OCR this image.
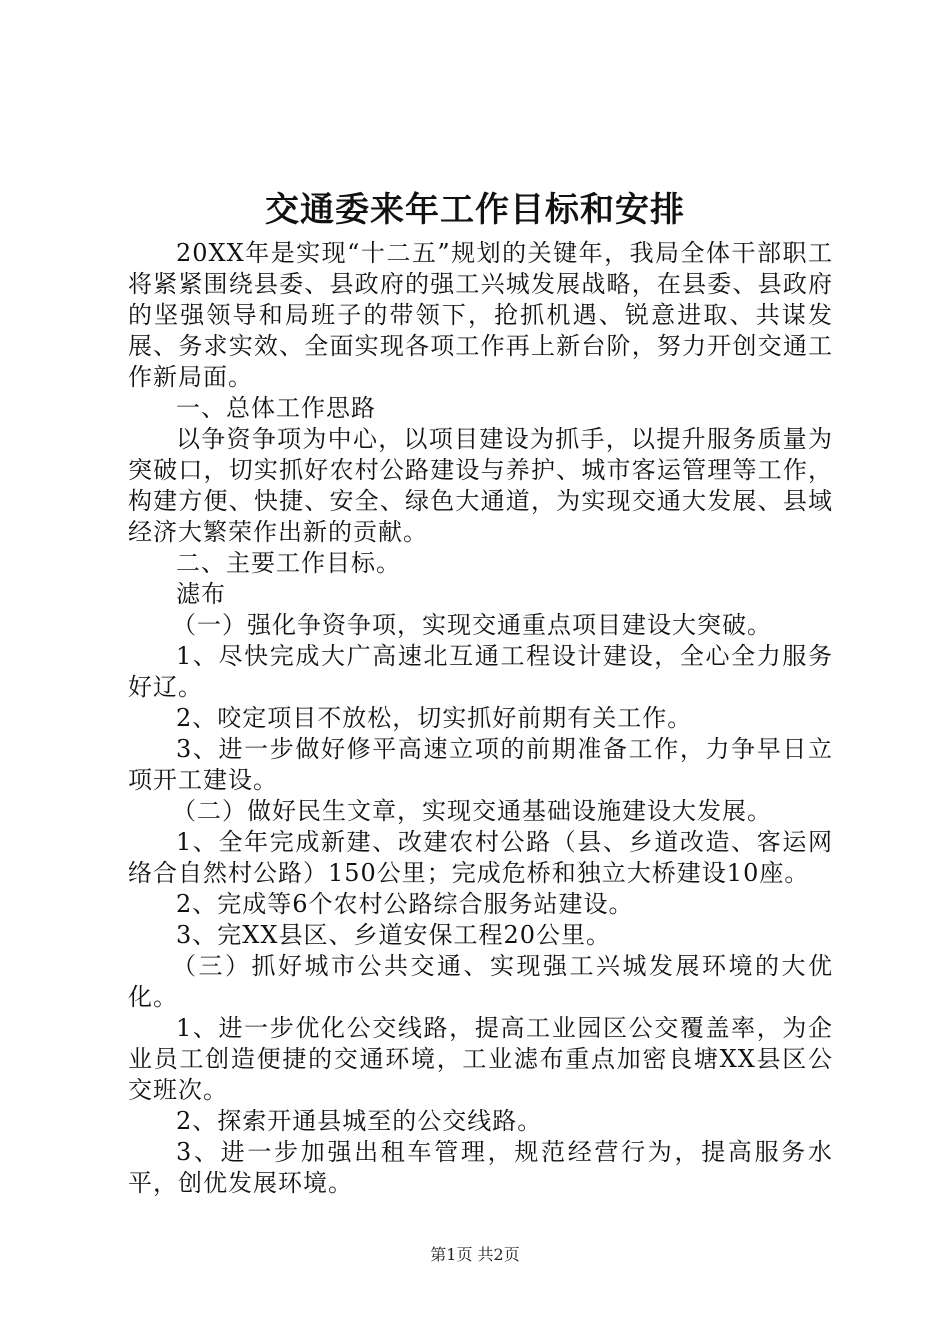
交通委来年工作目标和安排

20XX年是实现“十二五”规划的关键年，我局全体干部职工将紧紧围绕县委、县政府的强工兴城发展战略，在县委、县政府的坚强领导和局班子的带领下，抢抓机遇、锐意进取、共谋发展、务求实效、全面实现各项工作再上新台阶，努力开创交通工作新局面。

一、总体工作思路

以争资争项为中心，以项目建设为抓手，以提升服务质量为突破口，切实抓好农村公路建设与养护、城市客运管理等工作，构建方便、快捷、安全、绿色大通道，为实现交通大发展、县域经济大繁荣作出新的贡献。

二、主要工作目标。

滤布

（一）强化争资争项，实现交通重点项目建设大突破。

1、尽快完成大广高速北互通工程设计建设，全心全力服务好辽。

2、咬定项目不放松，切实抓好前期有关工作。

3、进一步做好修平高速立项的前期准备工作，力争早日立项开工建设。

（二）做好民生文章，实现交通基础设施建设大发展。

1、全年完成新建、改建农村公路（县、乡道改造、客运网络合自然村公路）150公里；完成危桥和独立大桥建设10座。

2、完成等6个农村公路综合服务站建设。

3、完XX县区、乡道安保工程20公里。

（三）抓好城市公共交通、实现强工兴城发展环境的大优化。

1、进一步优化公交线路，提高工业园区公交覆盖率，为企业员工创造便捷的交通环境，工业滤布重点加密良塘XX县区公交班次。

2、探索开通县城至的公交线路。

3、进一步加强出租车管理，规范经营行为，提高服务水平，创优发展环境。

第1页 共2页
